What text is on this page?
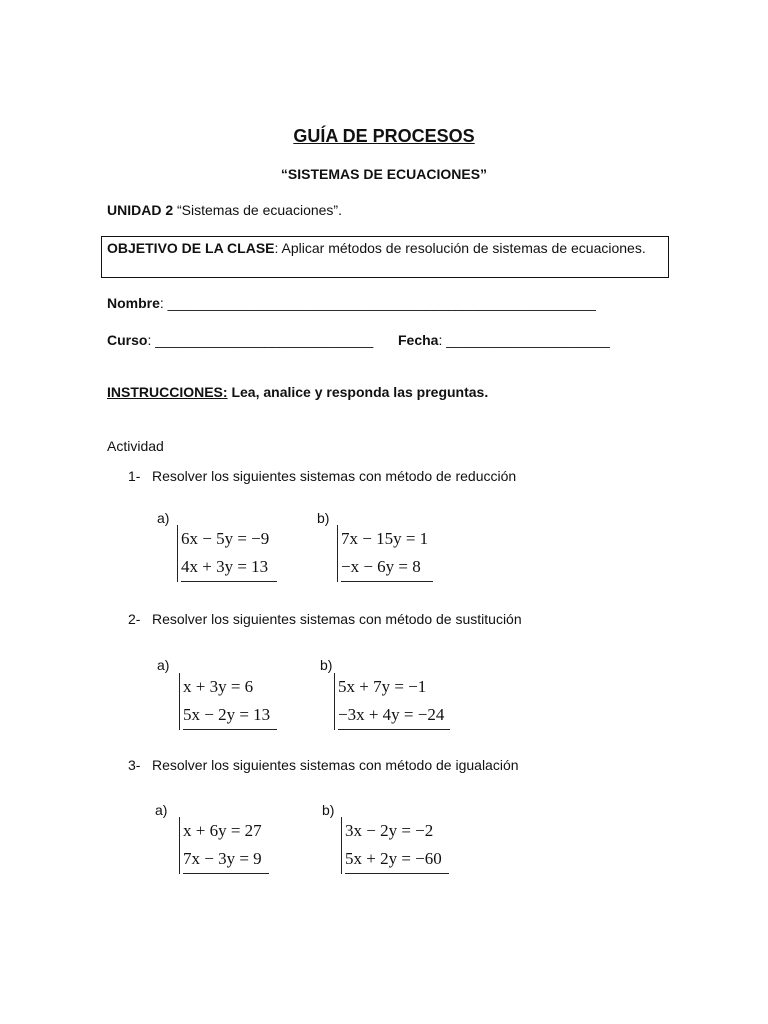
GUÍA DE PROCESOS
“SISTEMAS DE ECUACIONES”
UNIDAD 2 “Sistemas de ecuaciones”.
OBJETIVO DE LA CLASE: Aplicar métodos de resolución de sistemas de ecuaciones.
Nombre: _______________________________________________________
Curso: ____________________________ Fecha: _____________________
INSTRUCCIONES: Lea, analice y responda las preguntas.
Actividad
1- Resolver los siguientes sistemas con método de reducción
a)
6x − 5y = −9
4x + 3y = 13
b)
7x − 15y = 1
−x − 6y = 8
2- Resolver los siguientes sistemas con método de sustitución
a)
x + 3y = 6
5x − 2y = 13
b)
5x + 7y = −1
−3x + 4y = −24
3- Resolver los siguientes sistemas con método de igualación
a)
x + 6y = 27
7x − 3y = 9
b)
3x − 2y = −2
5x + 2y = −60
